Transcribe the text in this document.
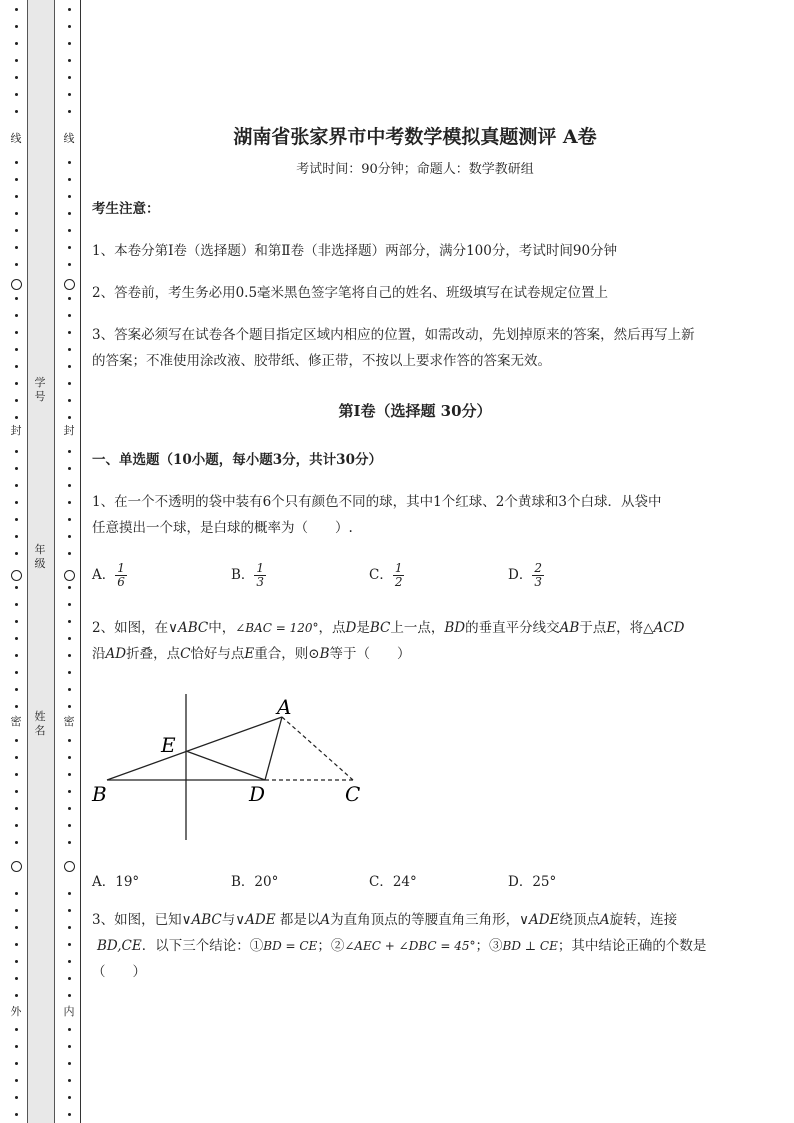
线
封
密
外
线
封
密
内
学号
年级
姓名
湖南省张家界市中考数学模拟真题测评 A卷
考试时间：90分钟；命题人：数学教研组
考生注意：
1、本卷分第I卷（选择题）和第Ⅱ卷（非选择题）两部分，满分100分，考试时间90分钟
2、答卷前，考生务必用0.5毫米黑色签字笔将自己的姓名、班级填写在试卷规定位置上
3、答案必须写在试卷各个题目指定区域内相应的位置，如需改动，先划掉原来的答案，然后再写上新
的答案；不准使用涂改液、胶带纸、修正带，不按以上要求作答的答案无效。
第I卷（选择题 30分）
一、单选题（10小题，每小题3分，共计30分）
1、在一个不透明的袋中装有6个只有颜色不同的球，其中1个红球、2个黄球和3个白球．从袋中
任意摸出一个球，是白球的概率为（　　）.
A． $\frac{1}{6}$	B． $\frac{1}{3}$	C． $\frac{1}{2}$	D． $\frac{2}{3}$
2、如图，在∨ABC中，∠BAC = 120°，点D是BC上一点，BD的垂直平分线交AB于点E，将△ACD
沿AD折叠，点C恰好与点E重合，则⊙B等于（　　）
A
E
B	D	C
A．19°	B．20°	C．24°	D．25°
3、如图，已知∨ABC与∨ADE 都是以A为直角顶点的等腰直角三角形，∨ADE绕顶点A旋转，连接
BD,CE．以下三个结论：①BD = CE；②∠AEC + ∠DBC = 45°；③BD ⊥ CE；其中结论正确的个数是
（　　）
